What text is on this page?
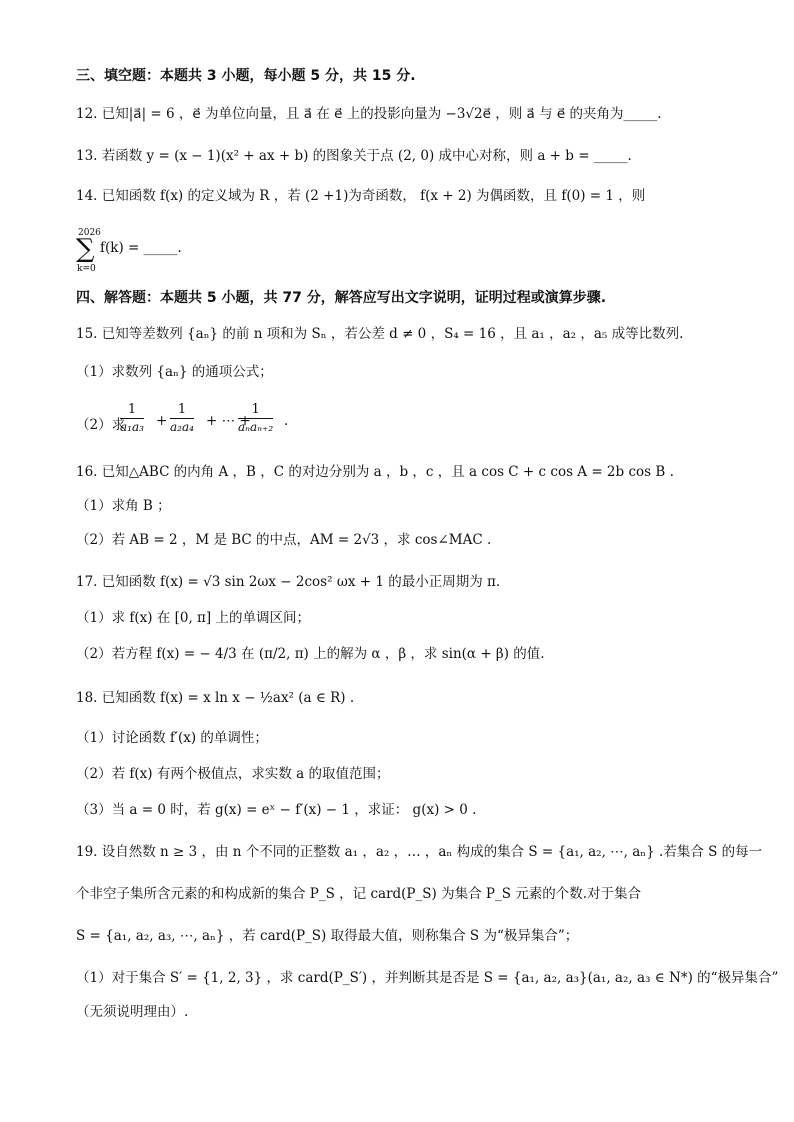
三、填空题：本题共 3 小题，每小题 5 分，共 15 分.
12. 已知|a⃗| = 6 ，e⃗ 为单位向量，且 a⃗ 在 e⃗ 上的投影向量为 −3√2e⃗ ，则 a⃗ 与 e⃗ 的夹角为_____.
13. 若函数 y = (x − 1)(x² + ax + b) 的图象关于点 (2, 0) 成中心对称，则 a + b = _____.
14. 已知函数 f(x) 的定义域为 R ，若 (2 +1)为奇函数， f(x + 2) 为偶函数，且 f(0) = 1 ，则
2026
∑
k=0
f(k) = _____.
四、解答题：本题共 5 小题，共 77 分，解答应写出文字说明，证明过程或演算步骤.
15. 已知等差数列 {aₙ} 的前 n 项和为 Sₙ ，若公差 d ≠ 0 ，S₄ = 16 ，且 a₁ ，a₂ ，a₅ 成等比数列.
（1）求数列 {aₙ} 的通项公式；
（2）求
$\frac{1}{\text{a₁a₃}} + \frac{1}{\text{a₂a₄}}$ + ⋯ +
1
aₙaₙ₊₂ .
16. 已知△ABC 的内角 A ，B ，C 的对边分别为 a ，b ，c ，且 a cos C + c cos A = 2b cos B .
（1）求角 B ；
（2）若 AB = 2 ，M 是 BC 的中点，AM = 2√3 ，求 cos∠MAC .
17. 已知函数 f(x) = √3 sin 2ωx − 2cos² ωx + 1 的最小正周期为 π.
（1）求 f(x) 在 [0, π] 上的单调区间；
（2）若方程 f(x) = − 4/3 在 (π/2, π) 上的解为 α ，β ，求 sin(α + β) 的值.
18. 已知函数 f(x) = x ln x − ½ax² (a ∈ R) .
（1）讨论函数 f′(x) 的单调性；
（2）若 f(x) 有两个极值点，求实数 a 的取值范围；
（3）当 a = 0 时，若 g(x) = eˣ − f′(x) − 1 ，求证： g(x) > 0 .
19. 设自然数 n ≥ 3 ，由 n 个不同的正整数 a₁ ，a₂ ，… ，aₙ 构成的集合 S = {a₁, a₂, ⋯, aₙ} .若集合 S 的每一
个非空子集所含元素的和构成新的集合 P_S ，记 card(P_S) 为集合 P_S 元素的个数.对于集合
S = {a₁, a₂, a₃, ⋯, aₙ} ，若 card(P_S) 取得最大值，则称集合 S 为“极异集合”；
（1）对于集合 S′ = {1, 2, 3} ，求 card(P_S′) ，并判断其是否是 S = {a₁, a₂, a₃}(a₁, a₂, a₃ ∈ N*) 的“极异集合”
（无须说明理由）.
